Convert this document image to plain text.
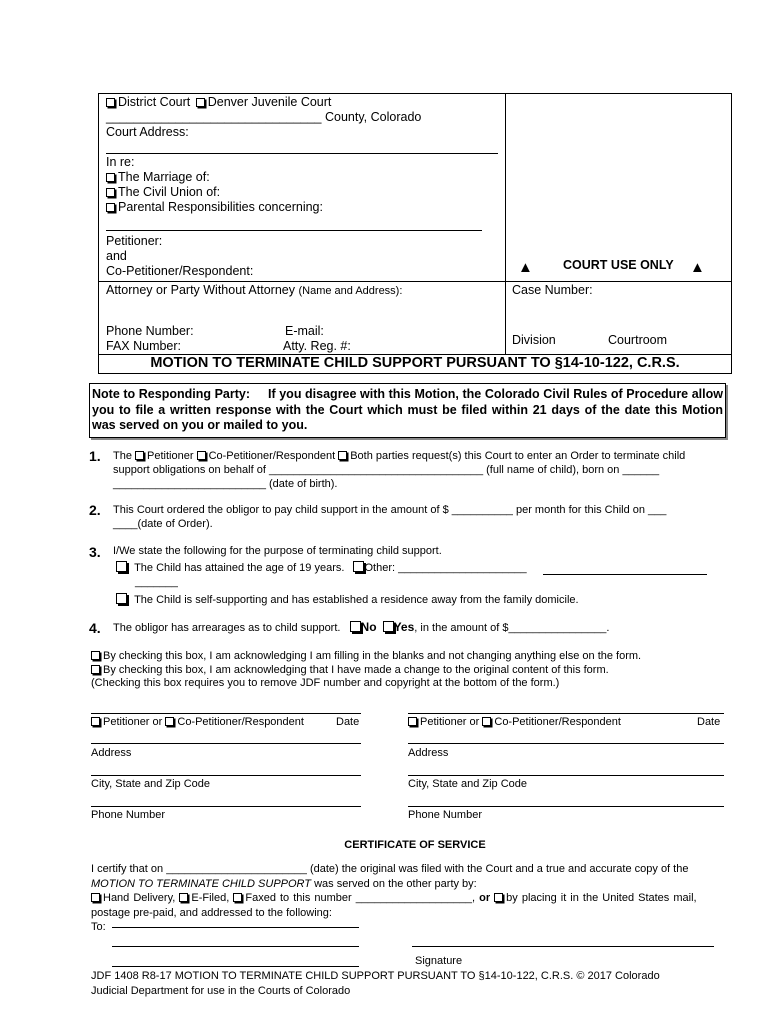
District Court Denver Juvenile Court
_______________________________ County, Colorado
Court Address:
In re:
The Marriage of:
The Civil Union of:
Parental Responsibilities concerning:
Petitioner:
and
Co-Petitioner/Respondent:	▲ COURT USE ONLY ▲
Attorney or Party Without Attorney (Name and Address):	Case Number:
Phone Number:	E-mail:
FAX Number:	Atty. Reg. #:	Division	Courtroom
MOTION TO TERMINATE CHILD SUPPORT PURSUANT TO §14-10-122, C.R.S.
Note to Responding Party: If you disagree with this Motion, the Colorado Civil Rules of Procedure allow you to file a written response with the Court which must be filed within 21 days of the date this Motion was served on you or mailed to you.
1. The Petitioner Co-Petitioner/Respondent Both parties request(s) this Court to enter an Order to terminate child
support obligations on behalf of ___________________________________ (full name of child), born on ______
_________________________ (date of birth).
2. This Court ordered the obligor to pay child support in the amount of $ __________ per month for this Child on ___
____(date of Order).
3. I/We state the following for the purpose of terminating child support.
The Child has attained the age of 19 years. Other: _____________________
_______
The Child is self-supporting and has established a residence away from the family domicile.
4. The obligor has arrearages as to child support. No Yes, in the amount of $________________.
By checking this box, I am acknowledging I am filling in the blanks and not changing anything else on the form.
By checking this box, I am acknowledging that I have made a change to the original content of this form.
(Checking this box requires you to remove JDF number and copyright at the bottom of the form.)
Petitioner or Co-Petitioner/Respondent	Date	Petitioner or Co-Petitioner/Respondent	Date
Address	Address
City, State and Zip Code	City, State and Zip Code
Phone Number	Phone Number
CERTIFICATE OF SERVICE
I certify that on _______________________ (date) the original was filed with the Court and a true and accurate copy of the
MOTION TO TERMINATE CHILD SUPPORT was served on the other party by:
Hand Delivery, E-Filed, Faxed to this number ___________________, or by placing it in the United States mail,
postage pre-paid, and addressed to the following:
To:
Signature
JDF 1408 R8-17 MOTION TO TERMINATE CHILD SUPPORT PURSUANT TO §14-10-122, C.R.S. © 2017 Colorado
Judicial Department for use in the Courts of Colorado
